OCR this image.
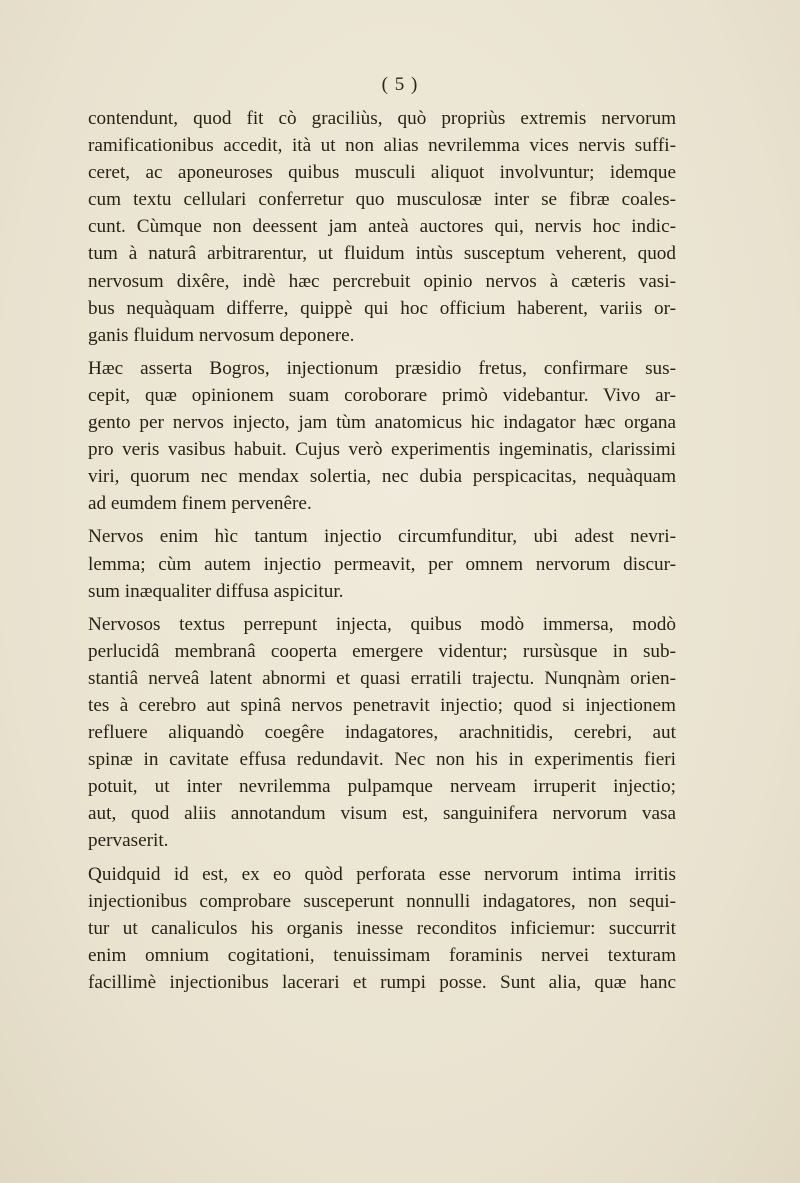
( 5 )

contendunt, quod fit cò graciliùs, quò propriùs extremis nervorum
ramificationibus accedit, ità ut non alias nevrilemma vices nervis suffi-
ceret, ac aponeuroses quibus musculi aliquot involvuntur; idemque
cum textu cellulari conferretur quo musculosæ inter se fibræ coales-
cunt. Cùmque non deessent jam anteà auctores qui, nervis hoc indic-
tum à naturâ arbitrarentur, ut fluidum intùs susceptum veherent, quod
nervosum dixêre, indè hæc percrebuit opinio nervos à cæteris vasi-
bus nequàquam differre, quippè qui hoc officium haberent, variis or-
ganis fluidum nervosum deponere.

Hæc asserta Bogros, injectionum præsidio fretus, confirmare sus-
cepit, quæ opinionem suam coroborare primò videbantur. Vivo ar-
gento per nervos injecto, jam tùm anatomicus hic indagator hæc organa
pro veris vasibus habuit. Cujus verò experimentis ingeminatis, clarissimi
viri, quorum nec mendax solertia, nec dubia perspicacitas, nequàquam
ad eumdem finem pervenêre.

Nervos enim hìc tantum injectio circumfunditur, ubi adest nevri-
lemma; cùm autem injectio permeavit, per omnem nervorum discur-
sum inæqualiter diffusa aspicitur.

Nervosos textus perrepunt injecta, quibus modò immersa, modò
perlucidâ membranâ cooperta emergere videntur; rursùsque in sub-
stantiâ nerveâ latent abnormi et quasi erratili trajectu. Nunqnàm orien-
tes à cerebro aut spinâ nervos penetravit injectio; quod si injectionem
refluere aliquandò coegêre indagatores, arachnitidis, cerebri, aut
spinæ in cavitate effusa redundavit. Nec non his in experimentis fieri
potuit, ut inter nevrilemma pulpamque nerveam irruperit injectio;
aut, quod aliis annotandum visum est, sanguinifera nervorum vasa
pervaserit.

Quidquid id est, ex eo quòd perforata esse nervorum intima irritis
injectionibus comprobare susceperunt nonnulli indagatores, non sequi-
tur ut canaliculos his organis inesse reconditos inficiemur: succurrit
enim omnium cogitationi, tenuissimam foraminis nervei texturam
facillimè injectionibus lacerari et rumpi posse. Sunt alia, quæ hanc
